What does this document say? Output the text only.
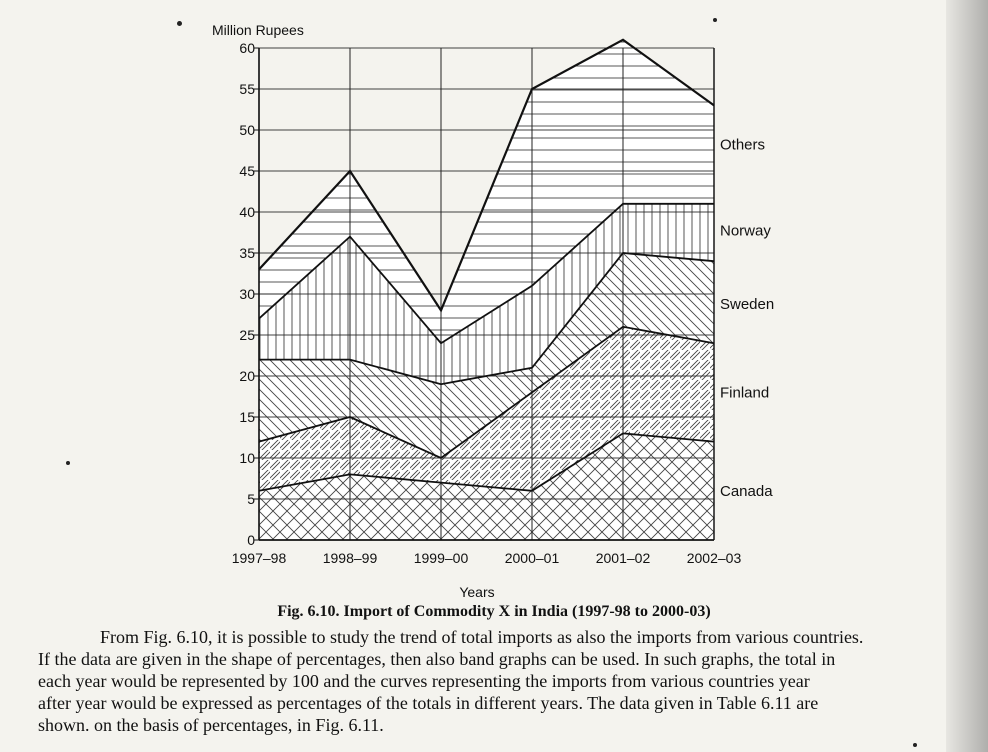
0
5
10
15
20
25
30
35
40
45
50
55
60
1997–98	1998–99	1999–00	2000–01	2001–02	2002–03
Million Rupees
Years
Canada
Finland
Sweden
Norway
Others
Fig. 6.10. Import of Commodity X in India (1997-98 to 2000-03)
From Fig. 6.10, it is possible to study the trend of total imports as also the imports from various countries.
If the data are given in the shape of percentages, then also band graphs can be used. In such graphs, the total in
each year would be represented by 100 and the curves representing the imports from various countries year
after year would be expressed as percentages of the totals in different years. The data given in Table 6.11 are
shown. on the basis of percentages, in Fig. 6.11.
